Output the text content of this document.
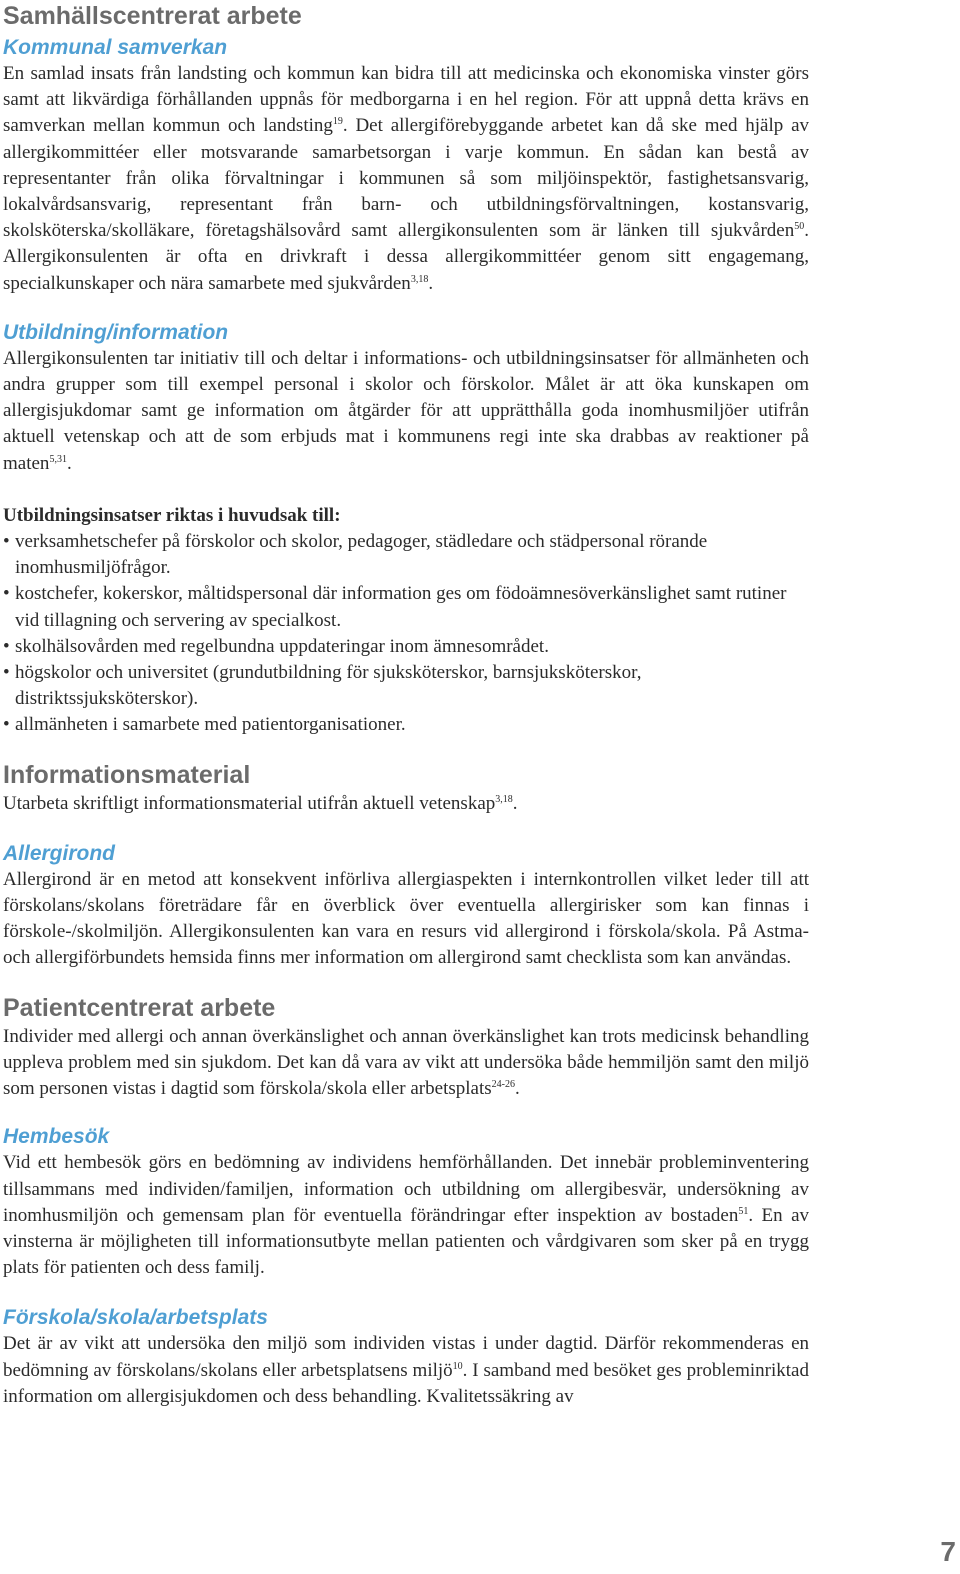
Samhällscentrerat arbete
Kommunal samverkan

En samlad insats från landsting och kommun kan bidra till att medicinska och ekonomiska vinster görs samt att likvärdiga förhållanden uppnås för medborgarna i en hel region. För att uppnå detta krävs en samverkan mellan kommun och landsting$^{19}$. Det allergiförebyggande arbetet kan då ske med hjälp av allergikommittéer eller motsvarande samarbetsorgan i varje kommun. En sådan kan bestå av representanter från olika förvaltningar i kommunen så som miljöinspektör, fastighetsansvarig, lokalvårdsansvarig, representant från barn- och utbildningsförvaltningen, kostansvarig, skolsköterska/skolläkare, företagshälsovård samt allergikonsulenten som är länken till sjukvården$^{50}$. Allergikonsulenten är ofta en drivkraft i dessa allergikommittéer genom sitt engagemang, specialkunskaper och nära samarbete med sjukvården$^{3,18}$.

Utbildning/information

Allergikonsulenten tar initiativ till och deltar i informations- och utbildningsinsatser för allmänheten och andra grupper som till exempel personal i skolor och förskolor. Målet är att öka kunskapen om allergisjukdomar samt ge information om åtgärder för att upprätthålla goda inomhusmiljöer utifrån aktuell vetenskap och att de som erbjuds mat i kommunens regi inte ska drabbas av reaktioner på maten$^{5,31}$.

Utbildningsinsatser riktas i huvudsak till:

• verksamhetschefer på förskolor och skolor, pedagoger, städledare och städpersonal rörande inomhusmiljöfrågor.
• kostchefer, kokerskor, måltidspersonal där information ges om födoämnesöverkänslighet samt rutiner vid tillagning och servering av specialkost.
• skolhälsovården med regelbundna uppdateringar inom ämnesområdet.
• högskolor och universitet (grundutbildning för sjuksköterskor, barnsjuksköterskor, distriktssjuksköterskor).
• allmänheten i samarbete med patientorganisationer.
Informationsmaterial

Utarbeta skriftligt informationsmaterial utifrån aktuell vetenskap$^{3,18}$.

Allergirond

Allergirond är en metod att konsekvent införliva allergiaspekten i internkontrollen vilket leder till att förskolans/skolans företrädare får en överblick över eventuella allergirisker som kan finnas i förskole-/skolmiljön. Allergikonsulenten kan vara en resurs vid allergirond i förskola/skola. På Astma- och allergiförbundets hemsida finns mer information om allergirond samt checklista som kan användas.

Patientcentrerat arbete

Individer med allergi och annan överkänslighet och annan överkänslighet kan trots medicinsk behandling uppleva problem med sin sjukdom. Det kan då vara av vikt att undersöka både hemmiljön samt den miljö som personen vistas i dagtid som förskola/skola eller arbetsplats$^{24-26}$.

Hembesök

Vid ett hembesök görs en bedömning av individens hemförhållanden. Det innebär probleminventering tillsammans med individen/familjen, information och utbildning om allergibesvär, undersökning av inomhusmiljön och gemensam plan för eventuella förändringar efter inspektion av bostaden$^{51}$. En av vinsterna är möjligheten till informationsutbyte mellan patienten och vårdgivaren som sker på en trygg plats för patienten och dess familj.

Förskola/skola/arbetsplats

Det är av vikt att undersöka den miljö som individen vistas i under dagtid. Därför rekommenderas en bedömning av förskolans/skolans eller arbetsplatsens miljö$^{10}$. I samband med besöket ges probleminriktad information om allergisjukdomen och dess behandling. Kvalitetssäkring av

7
